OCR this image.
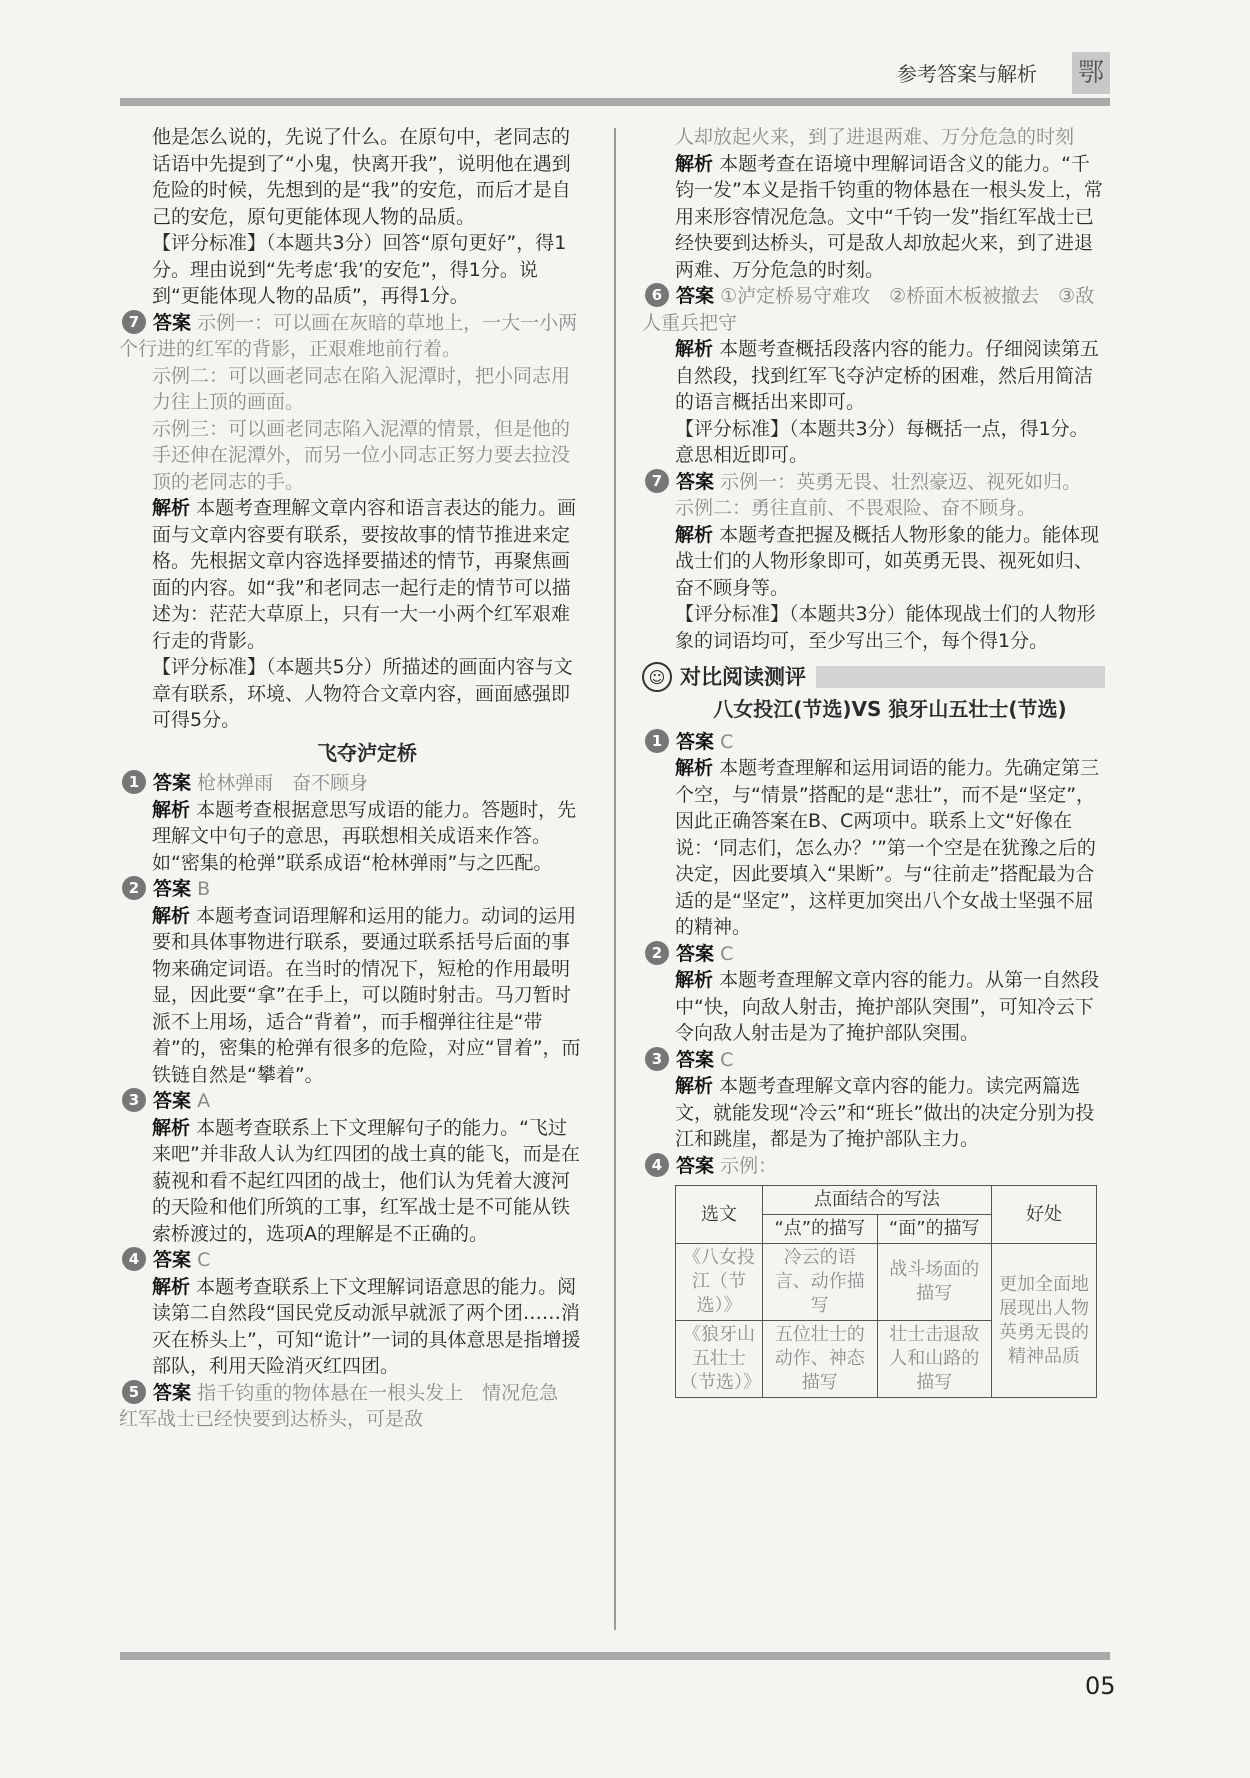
参考答案与解析 鄂

他是怎么说的，先说了什么。在原句中，老同志的话语中先提到了“小鬼，快离开我”，说明他在遇到危险的时候，先想到的是“我”的安危，而后才是自己的安危，原句更能体现人物的品质。

【评分标准】（本题共3分）回答“原句更好”，得1分。理由说到“先考虑‘我’的安危”，得1分。说到“更能体现人物的品质”，再得1分。

7 答案 示例一：可以画在灰暗的草地上，一大一小两个行进的红军的背影，正艰难地前行着。

示例二：可以画老同志在陷入泥潭时，把小同志用力往上顶的画面。

示例三：可以画老同志陷入泥潭的情景，但是他的手还伸在泥潭外，而另一位小同志正努力要去拉没顶的老同志的手。

解析 本题考查理解文章内容和语言表达的能力。画面与文章内容要有联系，要按故事的情节推进来定格。先根据文章内容选择要描述的情节，再聚焦画面的内容。如“我”和老同志一起行走的情节可以描述为：茫茫大草原上，只有一大一小两个红军艰难行走的背影。

【评分标准】（本题共5分）所描述的画面内容与文章有联系，环境、人物符合文章内容，画面感强即可得5分。

飞夺泸定桥

1 答案 枪林弹雨　奋不顾身

解析 本题考查根据意思写成语的能力。答题时，先理解文中句子的意思，再联想相关成语来作答。如“密集的枪弹”联系成语“枪林弹雨”与之匹配。

2 答案 B

解析 本题考查词语理解和运用的能力。动词的运用要和具体事物进行联系，要通过联系括号后面的事物来确定词语。在当时的情况下，短枪的作用最明显，因此要“拿”在手上，可以随时射击。马刀暂时派不上用场，适合“背着”，而手榴弹往往是“带着”的，密集的枪弹有很多的危险，对应“冒着”，而铁链自然是“攀着”。

3 答案 A

解析 本题考查联系上下文理解句子的能力。“飞过来吧”并非敌人认为红四团的战士真的能飞，而是在藐视和看不起红四团的战士，他们认为凭着大渡河的天险和他们所筑的工事，红军战士是不可能从铁索桥渡过的，选项A的理解是不正确的。

4 答案 C

解析 本题考查联系上下文理解词语意思的能力。阅读第二自然段“国民党反动派早就派了两个团……消灭在桥头上”，可知“诡计”一词的具体意思是指增援部队，利用天险消灭红四团。

5 答案 指千钧重的物体悬在一根头发上　情况危急　红军战士已经快要到达桥头，可是敌

人却放起火来，到了进退两难、万分危急的时刻

解析 本题考查在语境中理解词语含义的能力。“千钧一发”本义是指千钧重的物体悬在一根头发上，常用来形容情况危急。文中“千钧一发”指红军战士已经快要到达桥头，可是敌人却放起火来，到了进退两难、万分危急的时刻。

6 答案 ①泸定桥易守难攻　②桥面木板被撤去　③敌人重兵把守

解析 本题考查概括段落内容的能力。仔细阅读第五自然段，找到红军飞夺泸定桥的困难，然后用简洁的语言概括出来即可。

【评分标准】（本题共3分）每概括一点，得1分。意思相近即可。

7 答案 示例一：英勇无畏、壮烈豪迈、视死如归。

示例二：勇往直前、不畏艰险、奋不顾身。

解析 本题考查把握及概括人物形象的能力。能体现战士们的人物形象即可，如英勇无畏、视死如归、奋不顾身等。

【评分标准】（本题共3分）能体现战士们的人物形象的词语均可，至少写出三个，每个得1分。

☺ 对比阅读测评
八女投江(节选)VS 狼牙山五壮士(节选)

1 答案 C

解析 本题考查理解和运用词语的能力。先确定第三个空，与“情景”搭配的是“悲壮”，而不是“坚定”，因此正确答案在B、C两项中。联系上文“好像在说：‘同志们，怎么办？’”第一个空是在犹豫之后的决定，因此要填入“果断”。与“往前走”搭配最为合适的是“坚定”，这样更加突出八个女战士坚强不屈的精神。

2 答案 C

解析 本题考查理解文章内容的能力。从第一自然段中“快，向敌人射击，掩护部队突围”，可知冷云下令向敌人射击是为了掩护部队突围。

3 答案 C

解析 本题考查理解文章内容的能力。读完两篇选文，就能发现“冷云”和“班长”做出的决定分别为投江和跳崖，都是为了掩护部队主力。

4 答案 示例：

选文	点面结合的写法		好处
	“点”的描写	“面”的描写	
《八女投江（节选）》	冷云的语言、动作描写	战斗场面的描写	更加全面地展现出人物英勇无畏的精神品质
《狼牙山五壮士（节选）》	五位壮士的动作、神态描写	壮士击退敌人和山路的描写	
05
